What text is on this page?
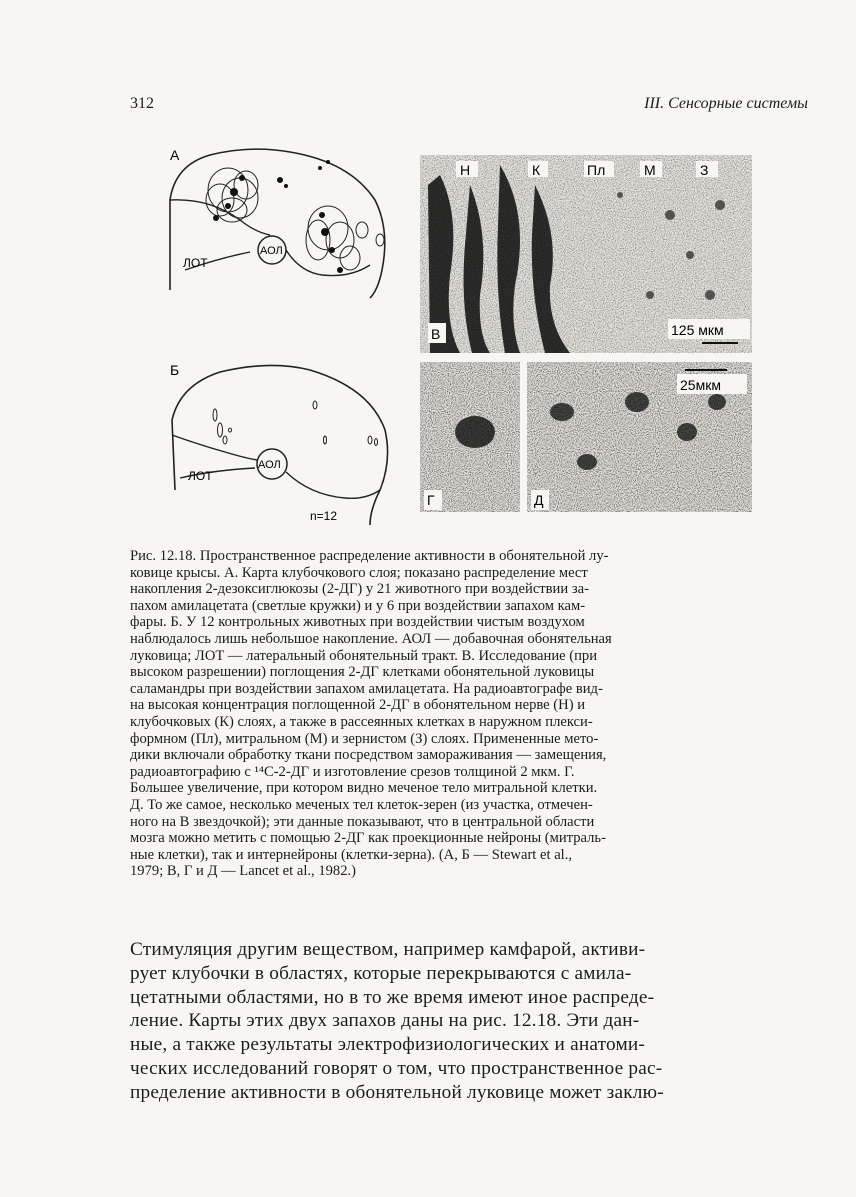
312	III. Сенсорные системы
А
ЛОТ
АОЛ
Б
ЛОТ
АОЛ
n=12
Н	К	Пл	М	З
125 мкм
В
Г
25мкм
Д
Рис. 12.18. Пространственное распределение активности в обонятельной лу-
ковице крысы. А. Карта клубочкового слоя; показано распределение мест
накопления 2-дезоксиглюкозы (2-ДГ) у 21 животного при воздействии за-
пахом амилацетата (светлые кружки) и у 6 при воздействии запахом кам-
фары. Б. У 12 контрольных животных при воздействии чистым воздухом
наблюдалось лишь небольшое накопление. АОЛ — добавочная обонятельная
луковица; ЛОТ — латеральный обонятельный тракт. В. Исследование (при
высоком разрешении) поглощения 2-ДГ клетками обонятельной луковицы
саламандры при воздействии запахом амилацетата. На радиоавтографе вид-
на высокая концентрация поглощенной 2-ДГ в обонятельном нерве (Н) и
клубочковых (К) слоях, а также в рассеянных клетках в наружном плекси-
формном (Пл), митральном (М) и зернистом (З) слоях. Примененные мето-
дики включали обработку ткани посредством замораживания — замещения,
радиоавтографию с ¹⁴С-2-ДГ и изготовление срезов толщиной 2 мкм. Г.
Большее увеличение, при котором видно меченое тело митральной клетки.
Д. То же самое, несколько меченых тел клеток-зерен (из участка, отмечен-
ного на В звездочкой); эти данные показывают, что в центральной области
мозга можно метить с помощью 2-ДГ как проекционные нейроны (митраль-
ные клетки), так и интернейроны (клетки-зерна). (А, Б — Stewart et al.,
1979; В, Г и Д — Lancet et al., 1982.)
Стимуляция другим веществом, например камфарой, активи-
рует клубочки в областях, которые перекрываются с амила-
цетатными областями, но в то же время имеют иное распреде-
ление. Карты этих двух запахов даны на рис. 12.18. Эти дан-
ные, а также результаты электрофизиологических и анатоми-
ческих исследований говорят о том, что пространственное рас-
пределение активности в обонятельной луковице может заклю-
